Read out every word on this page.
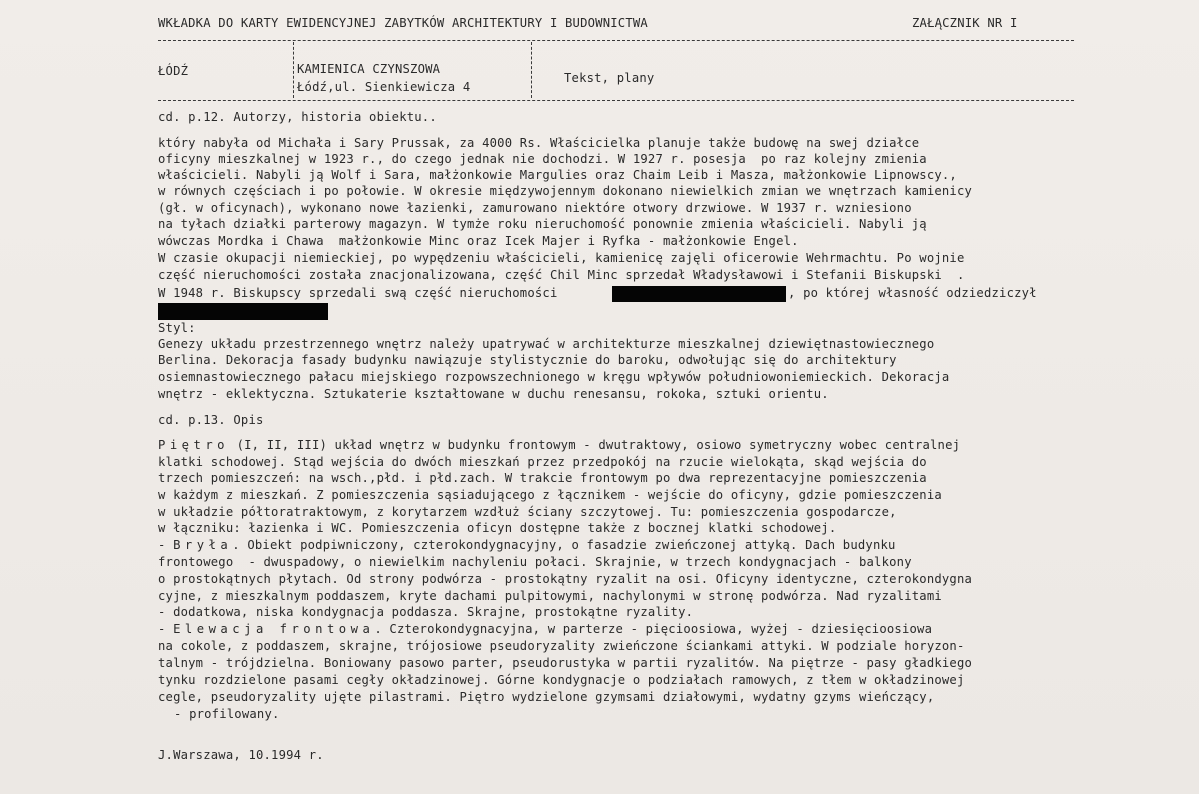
WKŁADKA DO KARTY EWIDENCYJNEJ ZABYTKÓW ARCHITEKTURY I BUDOWNICTWA	ZAŁĄCZNIK NR I
ŁÓDŹ	KAMIENICA CZYNSZOWA
Łódź,ul. Sienkiewicza 4
Tekst, plany
cd. p.12. Autorzy, historia obiektu..
który nabyła od Michała i Sary Prussak, za 4000 Rs. Właścicielka planuje także budowę na swej działce
oficyny mieszkalnej w 1923 r., do czego jednak nie dochodzi. W 1927 r. posesja  po raz kolejny zmienia
właścicieli. Nabyli ją Wolf i Sara, małżonkowie Margulies oraz Chaim Leib i Masza, małżonkowie Lipnowscy.,
w równych częściach i po połowie. W okresie międzywojennym dokonano niewielkich zmian we wnętrzach kamienicy
(gł. w oficynach), wykonano nowe łazienki, zamurowano niektóre otwory drzwiowe. W 1937 r. wzniesiono
na tyłach działki parterowy magazyn. W tymże roku nieruchomość ponownie zmienia właścicieli. Nabyli ją
wówczas Mordka i Chawa  małżonkowie Minc oraz Icek Majer i Ryfka - małżonkowie Engel.
W czasie okupacji niemieckiej, po wypędzeniu właścicieli, kamienicę zajęli oficerowie Wehrmachtu. Po wojnie
część nieruchomości została znacjonalizowana, część Chil Minc sprzedał Władysławowi i Stefanii Biskupski  .
W 1948 r. Biskupscy sprzedali swą część nieruchomości	, po której własność odziedziczył
Styl:
Genezy układu przestrzennego wnętrz należy upatrywać w architekturze mieszkalnej dziewiętnastowiecznego
Berlina. Dekoracja fasady budynku nawiązuje stylistycznie do baroku, odwołując się do architektury
osiemnastowiecznego pałacu miejskiego rozpowszechnionego w kręgu wpływów południowoniemieckich. Dekoracja
wnętrz - eklektyczna. Sztukaterie kształtowane w duchu renesansu, rokoka, sztuki orientu.
cd. p.13. Opis
Piętro (I, II, III) układ wnętrz w budynku frontowym - dwutraktowy, osiowo symetryczny wobec centralnej
klatki schodowej. Stąd wejścia do dwóch mieszkań przez przedpokój na rzucie wielokąta, skąd wejścia do
trzech pomieszczeń: na wsch.,płd. i płd.zach. W trakcie frontowym po dwa reprezentacyjne pomieszczenia
w każdym z mieszkań. Z pomieszczenia sąsiadującego z łącznikem - wejście do oficyny, gdzie pomieszczenia
w układzie półtoratraktowym, z korytarzem wzdłuż ściany szczytowej. Tu: pomieszczenia gospodarcze,
w łączniku: łazienka i WC. Pomieszczenia oficyn dostępne także z bocznej klatki schodowej.
- Bryła. Obiekt podpiwniczony, czterokondygnacyjny, o fasadzie zwieńczonej attyką. Dach budynku
frontowego  - dwuspadowy, o niewielkim nachyleniu połaci. Skrajnie, w trzech kondygnacjach - balkony
o prostokątnych płytach. Od strony podwórza - prostokątny ryzalit na osi. Oficyny identyczne, czterokondygna
cyjne, z mieszkalnym poddaszem, kryte dachami pulpitowymi, nachylonymi w stronę podwórza. Nad ryzalitami
- dodatkowa, niska kondygnacja poddasza. Skrajne, prostokątne ryzality.
- Elewacja frontowa. Czterokondygnacyjna, w parterze - pięcioosiowa, wyżej - dziesięcioosiowa
na cokole, z poddaszem, skrajne, trójosiowe pseudoryzality zwieńczone ściankami attyki. W podziale horyzon-
talnym - trójdzielna. Boniowany pasowo parter, pseudorustyka w partii ryzalitów. Na piętrze - pasy gładkiego
tynku rozdzielone pasami cegły okładzinowej. Górne kondygnacje o podziałach ramowych, z tłem w okładzinowej
cegle, pseudoryzality ujęte pilastrami. Piętro wydzielone gzymsami działowymi, wydatny gzyms wieńczący,
- profilowany.
J.Warszawa, 10.1994 r.
